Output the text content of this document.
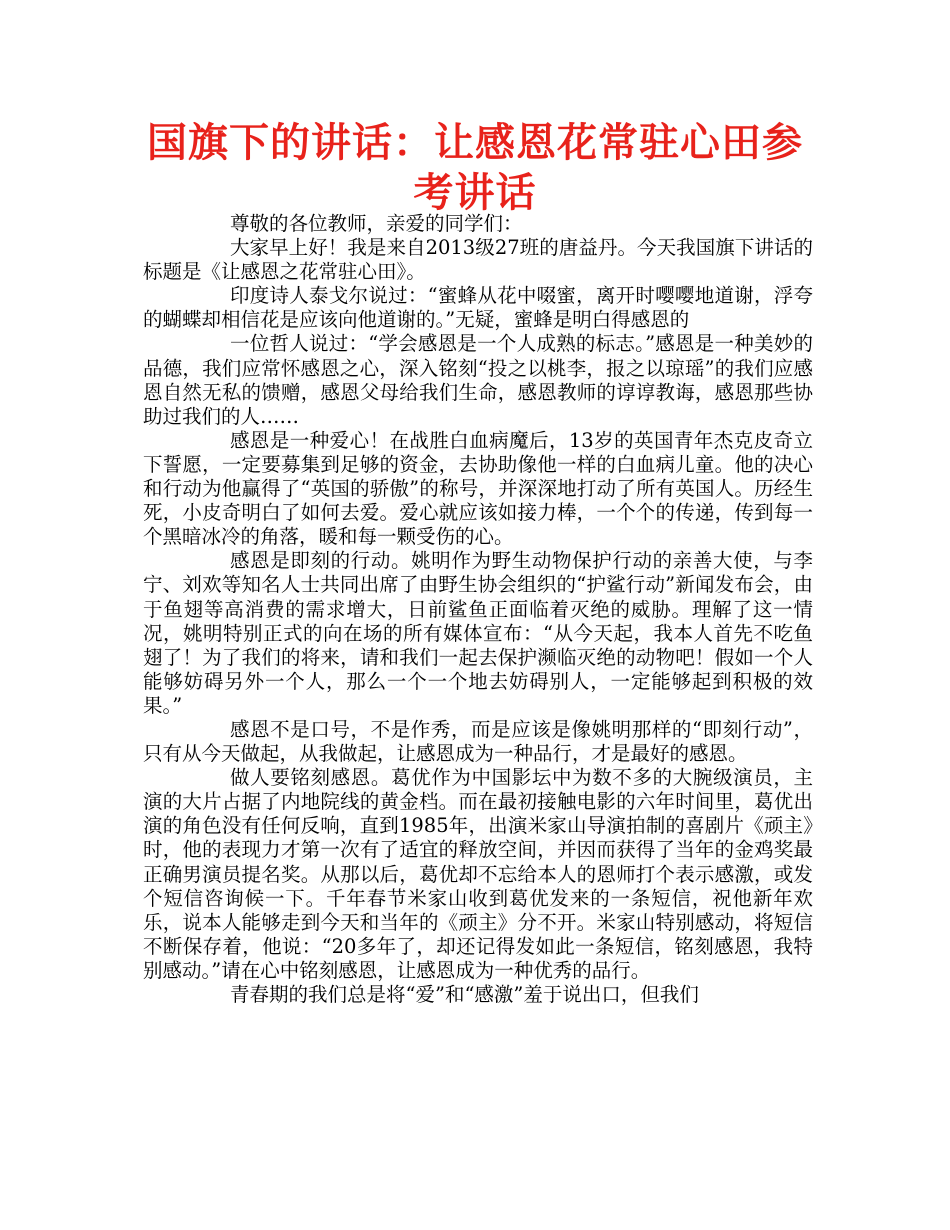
国旗下的讲话：让感恩花常驻心田参考讲话

尊敬的各位教师，亲爱的同学们：

大家早上好！我是来自2013级27班的唐益丹。今天我国旗下讲话的标题是《让感恩之花常驻心田》。

印度诗人泰戈尔说过：“蜜蜂从花中啜蜜，离开时嘤嘤地道谢，浮夸的蝴蝶却相信花是应该向他道谢的。”无疑，蜜蜂是明白得感恩的

一位哲人说过：“学会感恩是一个人成熟的标志。”感恩是一种美妙的品德，我们应常怀感恩之心，深入铭刻“投之以桃李，报之以琼瑶”的我们应感恩自然无私的馈赠，感恩父母给我们生命，感恩教师的谆谆教诲，感恩那些协助过我们的人……

感恩是一种爱心！在战胜白血病魔后，13岁的英国青年杰克皮奇立下誓愿，一定要募集到足够的资金，去协助像他一样的白血病儿童。他的决心和行动为他赢得了“英国的骄傲”的称号，并深深地打动了所有英国人。历经生死，小皮奇明白了如何去爱。爱心就应该如接力棒，一个个的传递，传到每一个黑暗冰冷的角落，暖和每一颗受伤的心。

感恩是即刻的行动。姚明作为野生动物保护行动的亲善大使，与李宁、刘欢等知名人士共同出席了由野生协会组织的“护鲨行动”新闻发布会，由于鱼翅等高消费的需求增大，日前鲨鱼正面临着灭绝的威胁。理解了这一情况，姚明特别正式的向在场的所有媒体宣布：“从今天起，我本人首先不吃鱼翅了！为了我们的将来，请和我们一起去保护濒临灭绝的动物吧！假如一个人能够妨碍另外一个人，那么一个一个地去妨碍别人，一定能够起到积极的效果。”

感恩不是口号，不是作秀，而是应该是像姚明那样的“即刻行动”，只有从今天做起，从我做起，让感恩成为一种品行，才是最好的感恩。

做人要铭刻感恩。葛优作为中国影坛中为数不多的大腕级演员，主演的大片占据了内地院线的黄金档。而在最初接触电影的六年时间里，葛优出演的角色没有任何反响，直到1985年，出演米家山导演拍制的喜剧片《顽主》时，他的表现力才第一次有了适宜的释放空间，并因而获得了当年的金鸡奖最正确男演员提名奖。从那以后，葛优却不忘给本人的恩师打个表示感激，或发个短信咨询候一下。千年春节米家山收到葛优发来的一条短信，祝他新年欢乐，说本人能够走到今天和当年的《顽主》分不开。米家山特别感动，将短信不断保存着，他说：“20多年了，却还记得发如此一条短信，铭刻感恩，我特别感动。”请在心中铭刻感恩，让感恩成为一种优秀的品行。

青春期的我们总是将“爱”和“感激”羞于说出口，但我们
